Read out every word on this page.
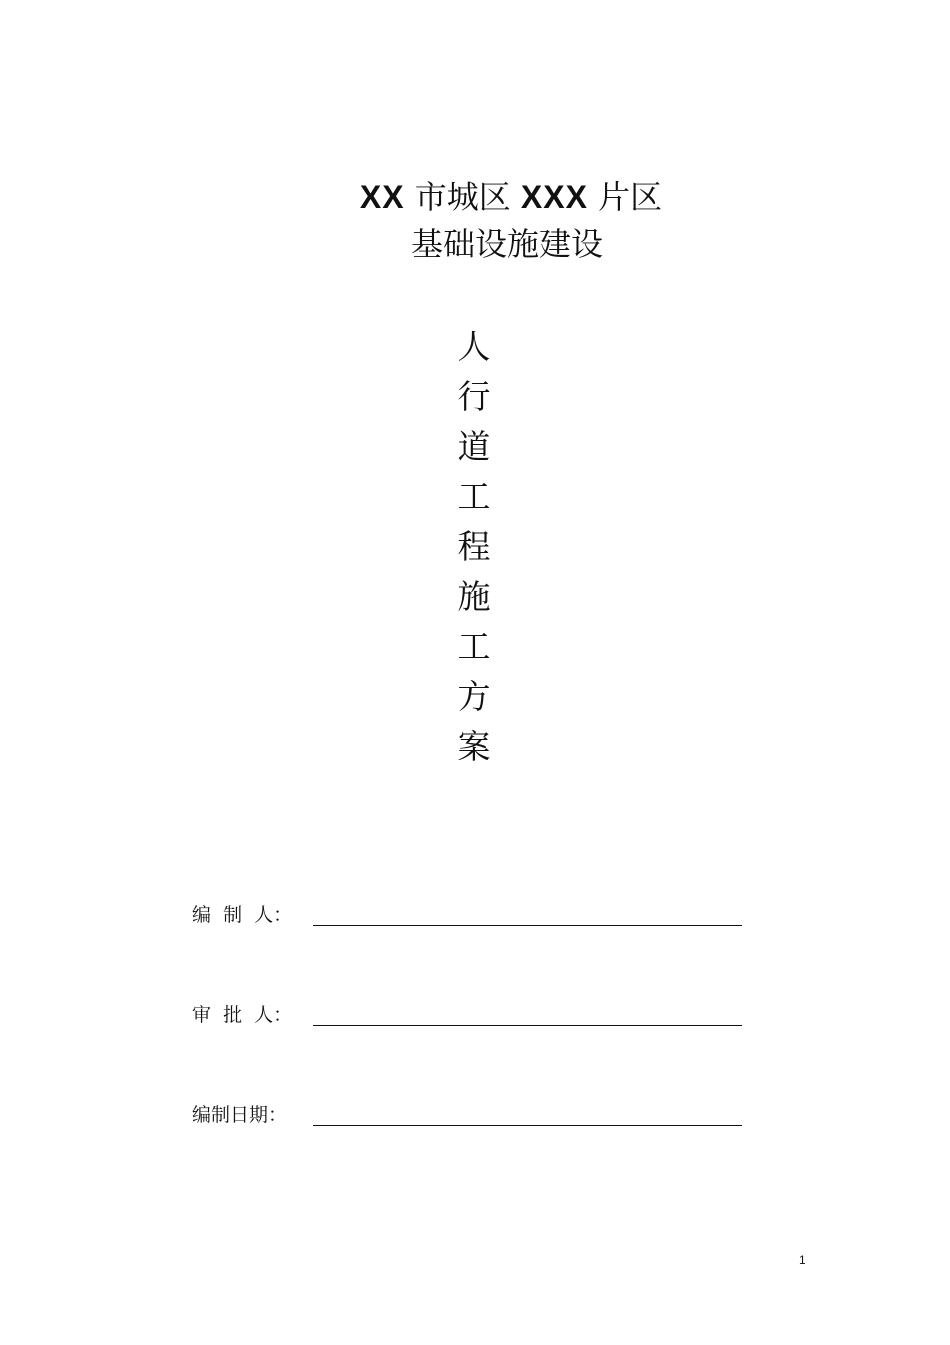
XX 市城区 XXX 片区
基础设施建设
人
行
道
工
程
施
工
方
案
编  制  人：
审  批  人：
编制日期：
1
